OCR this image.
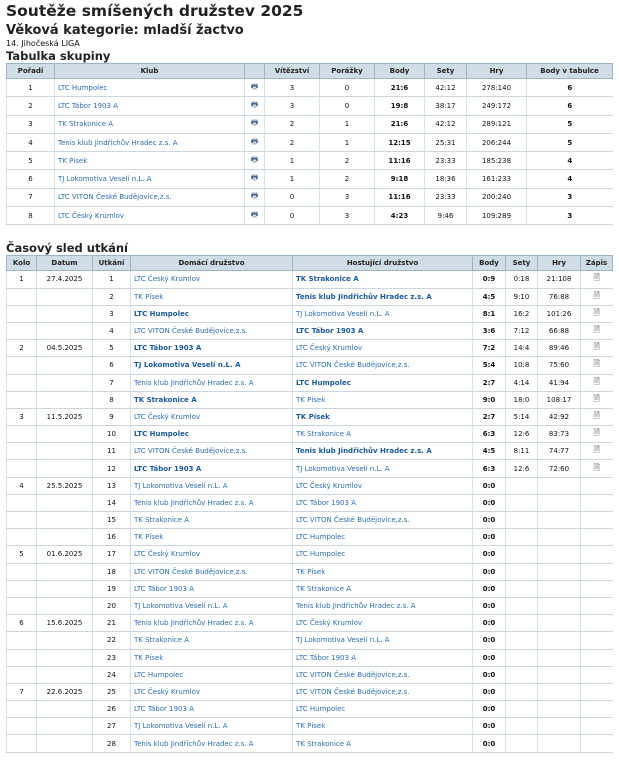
Soutěže smíšených družstev 2025
Věková kategorie: mladší žactvo
14. Jihočeská LIGA
Tabulka skupiny
Pořadí	Klub		Vítězství	Porážky	Body	Sety	Hry	Body v tabulce
1	LTC Humpolec	🖶	3	0	21:6	42:12	278:140	6
2	LTC Tábor 1903 A	🖶	3	0	19:8	38:17	249:172	6
3	TK Strakonice A	🖶	2	1	21:6	42:12	289:121	5
4	Tenis klub Jindřichův Hradec z.s. A	🖶	2	1	12:15	25:31	206:244	5
5	TK Písek	🖶	1	2	11:16	23:33	185:238	4
6	TJ Lokomotiva Veselí n.L. A	🖶	1	2	9:18	18:36	161:233	4
7	LTC VITON České Budějovice,z.s.	🖶	0	3	11:16	23:33	200:240	3
8	LTC Český Krumlov	🖶	0	3	4:23	9:46	109:289	3
Časový sled utkání
Kolo	Datum	Utkání	Domácí družstvo	Hostující družstvo	Body	Sety	Hry	Zápis
1	27.4.2025	1	LTC Český Krumlov	TK Strakonice A	0:9	0:18	21:108	🗎
		2	TK Písek	Tenis klub Jindřichův Hradec z.s. A	4:5	9:10	76:88	🗎
		3	LTC Humpolec	TJ Lokomotiva Veselí n.L. A	8:1	16:2	101:26	🗎
		4	LTC VITON České Budějovice,z.s.	LTC Tábor 1903 A	3:6	7:12	66:88	🗎
2	04.5.2025	5	LTC Tábor 1903 A	LTC Český Krumlov	7:2	14:4	89:46	🗎
		6	TJ Lokomotiva Veselí n.L. A	LTC VITON České Budějovice,z.s.	5:4	10:8	75:60	🗎
		7	Tenis klub Jindřichův Hradec z.s. A	LTC Humpolec	2:7	4:14	41:94	🗎
		8	TK Strakonice A	TK Písek	9:0	18:0	108:17	🗎
3	11.5.2025	9	LTC Český Krumlov	TK Písek	2:7	5:14	42:92	🗎
		10	LTC Humpolec	TK Strakonice A	6:3	12:6	83:73	🗎
		11	LTC VITON České Budějovice,z.s.	Tenis klub Jindřichův Hradec z.s. A	4:5	8:11	74:77	🗎
		12	LTC Tábor 1903 A	TJ Lokomotiva Veselí n.L. A	6:3	12:6	72:60	🗎
4	25.5.2025	13	TJ Lokomotiva Veselí n.L. A	LTC Český Krumlov	0:0			
		14	Tenis klub Jindřichův Hradec z.s. A	LTC Tábor 1903 A	0:0			
		15	TK Strakonice A	LTC VITON České Budějovice,z.s.	0:0			
		16	TK Písek	LTC Humpolec	0:0			
5	01.6.2025	17	LTC Český Krumlov	LTC Humpolec	0:0			
		18	LTC VITON České Budějovice,z.s.	TK Písek	0:0			
		19	LTC Tábor 1903 A	TK Strakonice A	0:0			
		20	TJ Lokomotiva Veselí n.L. A	Tenis klub Jindřichův Hradec z.s. A	0:0			
6	15.6.2025	21	Tenis klub Jindřichův Hradec z.s. A	LTC Český Krumlov	0:0			
		22	TK Strakonice A	TJ Lokomotiva Veselí n.L. A	0:0			
		23	TK Písek	LTC Tábor 1903 A	0:0			
		24	LTC Humpolec	LTC VITON České Budějovice,z.s.	0:0			
7	22.6.2025	25	LTC Český Krumlov	LTC VITON České Budějovice,z.s.	0:0			
		26	LTC Tábor 1903 A	LTC Humpolec	0:0			
		27	TJ Lokomotiva Veselí n.L. A	TK Písek	0:0			
		28	Tenis klub Jindřichův Hradec z.s. A	TK Strakonice A	0:0			
